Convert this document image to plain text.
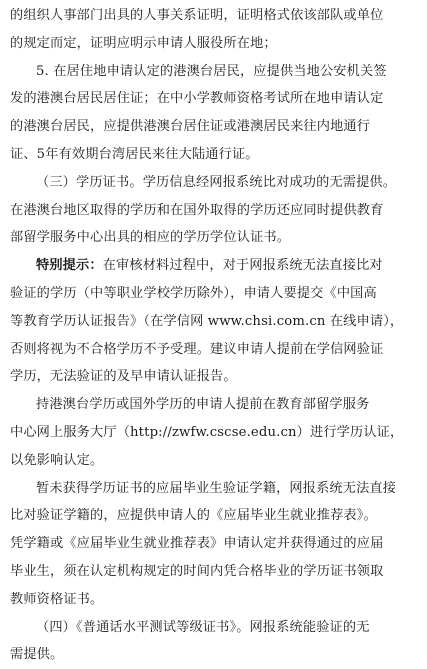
的组织人事部门出具的人事关系证明，证明格式依该部队或单位
的规定而定，证明应明示申请人服役所在地；
5. 在居住地申请认定的港澳台居民，应提供当地公安机关签
发的港澳台居民居住证；在中小学教师资格考试所在地申请认定
的港澳台居民，应提供港澳台居住证或港澳居民来往内地通行
证、5年有效期台湾居民来往大陆通行证。
（三）学历证书。学历信息经网报系统比对成功的无需提供。
在港澳台地区取得的学历和在国外取得的学历还应同时提供教育
部留学服务中心出具的相应的学历学位认证书。
特别提示：在审核材料过程中，对于网报系统无法直接比对
验证的学历（中等职业学校学历除外），申请人要提交《中国高
等教育学历认证报告》（在学信网 www.chsi.com.cn 在线申请），
否则将视为不合格学历不予受理。建议申请人提前在学信网验证
学历，无法验证的及早申请认证报告。
持港澳台学历或国外学历的申请人提前在教育部留学服务
中心网上服务大厅（http://zwfw.cscse.edu.cn）进行学历认证，
以免影响认定。
暂未获得学历证书的应届毕业生验证学籍，网报系统无法直接
比对验证学籍的，应提供申请人的《应届毕业生就业推荐表》。
凭学籍或《应届毕业生就业推荐表》申请认定并获得通过的应届
毕业生，须在认定机构规定的时间内凭合格毕业的学历证书领取
教师资格证书。
（四）《普通话水平测试等级证书》。网报系统能验证的无
需提供。
